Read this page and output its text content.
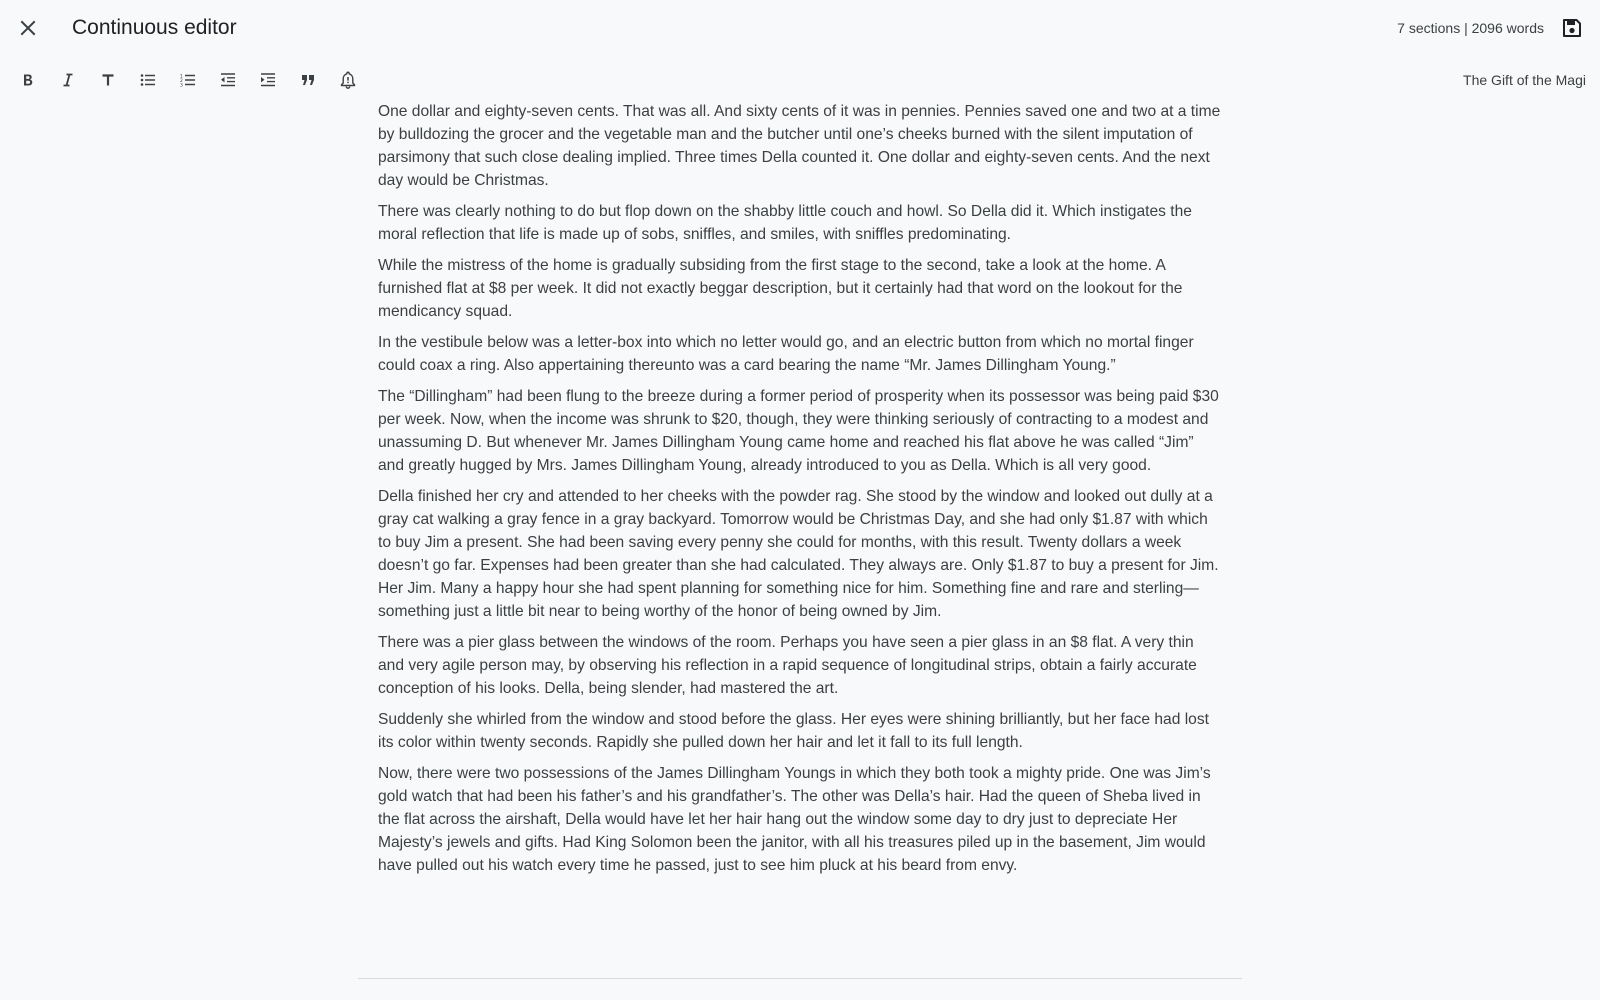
Continuous editor	7 sections | 2096 words
1
2
3	The Gift of the Magi

One dollar and eighty-seven cents. That was all. And sixty cents of it was in pennies. Pennies saved one and two at a time by bulldozing the grocer and the vegetable man and the butcher until one’s cheeks burned with the silent imputation of parsimony that such close dealing implied. Three times Della counted it. One dollar and eighty-seven cents. And the next day would be Christmas.

There was clearly nothing to do but flop down on the shabby little couch and howl. So Della did it. Which instigates the moral reflection that life is made up of sobs, sniffles, and smiles, with sniffles predominating.

While the mistress of the home is gradually subsiding from the first stage to the second, take a look at the home. A furnished flat at $8 per week. It did not exactly beggar description, but it certainly had that word on the lookout for the mendicancy squad.

In the vestibule below was a letter-box into which no letter would go, and an electric button from which no mortal finger could coax a ring. Also appertaining thereunto was a card bearing the name “Mr. James Dillingham Young.”

The “Dillingham” had been flung to the breeze during a former period of prosperity when its possessor was being paid $30 per week. Now, when the income was shrunk to $20, though, they were thinking seriously of contracting to a modest and unassuming D. But whenever Mr. James Dillingham Young came home and reached his flat above he was called “Jim” and greatly hugged by Mrs. James Dillingham Young, already introduced to you as Della. Which is all very good.

Della finished her cry and attended to her cheeks with the powder rag. She stood by the window and looked out dully at a gray cat walking a gray fence in a gray backyard. Tomorrow would be Christmas Day, and she had only $1.87 with which to buy Jim a present. She had been saving every penny she could for months, with this result. Twenty dollars a week doesn’t go far. Expenses had been greater than she had calculated. They always are. Only $1.87 to buy a present for Jim. Her Jim. Many a happy hour she had spent planning for something nice for him. Something fine and rare and sterling—something just a little bit near to being worthy of the honor of being owned by Jim.

There was a pier glass between the windows of the room. Perhaps you have seen a pier glass in an $8 flat. A very thin and very agile person may, by observing his reflection in a rapid sequence of longitudinal strips, obtain a fairly accurate conception of his looks. Della, being slender, had mastered the art.

Suddenly she whirled from the window and stood before the glass. Her eyes were shining brilliantly, but her face had lost its color within twenty seconds. Rapidly she pulled down her hair and let it fall to its full length.

Now, there were two possessions of the James Dillingham Youngs in which they both took a mighty pride. One was Jim’s gold watch that had been his father’s and his grandfather’s. The other was Della’s hair. Had the queen of Sheba lived in the flat across the airshaft, Della would have let her hair hang out the window some day to dry just to depreciate Her Majesty’s jewels and gifts. Had King Solomon been the janitor, with all his treasures piled up in the basement, Jim would have pulled out his watch every time he passed, just to see him pluck at his beard from envy.
